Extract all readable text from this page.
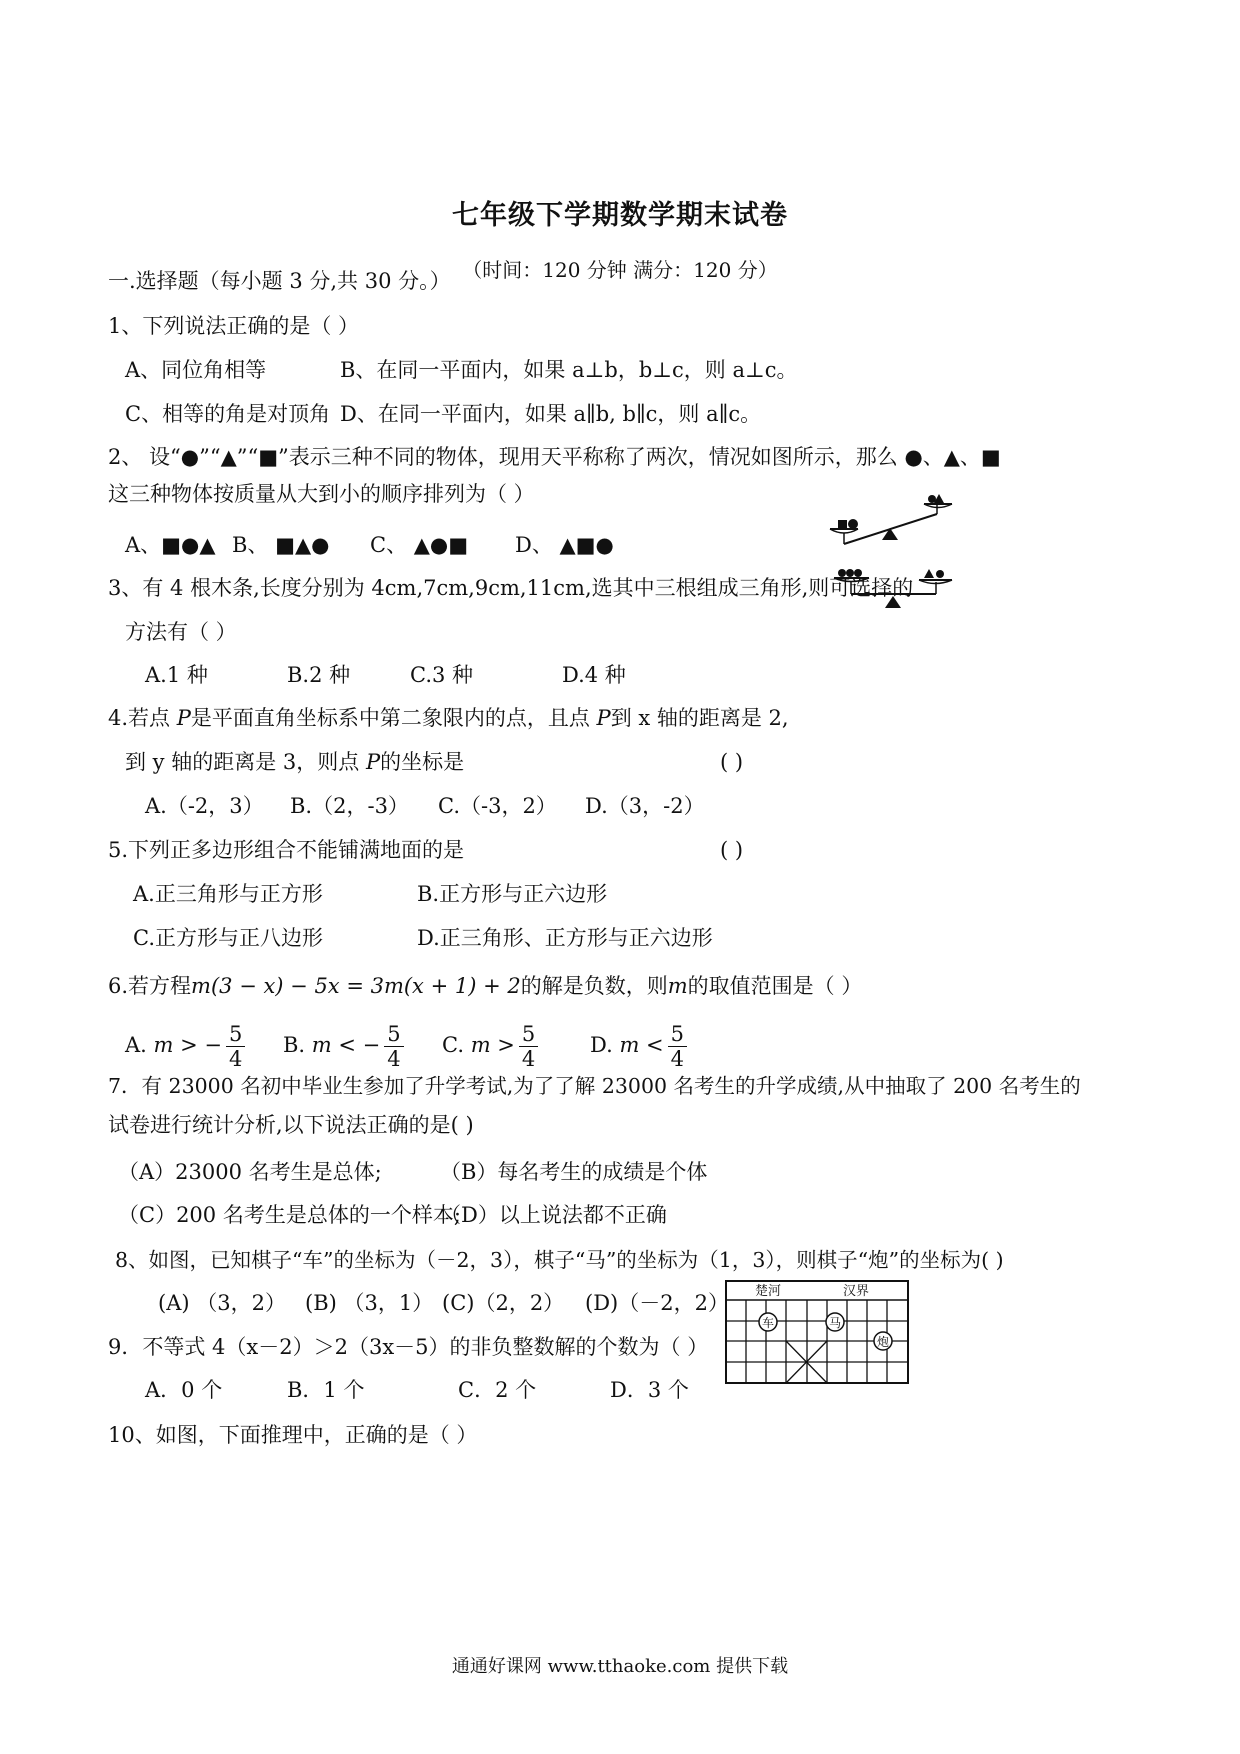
七年级下学期数学期末试卷
（时间：120 分钟 满分：120 分）
一.选择题（每小题 3 分,共 30 分。）
1、下列说法正确的是（ ）
A、同位角相等	B、在同一平面内，如果 a⊥b，b⊥c，则 a⊥c。
C、相等的角是对顶角 D、在同一平面内，如果 a∥b, b∥c，则 a∥c。
2、 设“●”“▲”“■”表示三种不同的物体，现用天平称称了两次，情况如图所示，那么 ●、▲、■
这三种物体按质量从大到小的顺序排列为（ ）
A、■●▲ B、 ■▲● C、 ▲●■ D、 ▲■●
3、有 4 根木条,长度分别为 4cm,7cm,9cm,11cm,选其中三根组成三角形,则可选择的
方法有（ ）
A.1 种	B.2 种	C.3 种	D.4 种
4.若点 P是平面直角坐标系中第二象限内的点，且点 P到 x 轴的距离是 2,
到 y 轴的距离是 3，则点 P的坐标是	( )
A.（-2，3） B.（2，-3） C.（-3，2） D.（3，-2）
5.下列正多边形组合不能铺满地面的是	( )
A.正三角形与正方形	B.正方形与正六边形
C.正方形与正八边形	D.正三角形、正方形与正六边形
6.若方程m(3 − x) − 5x = 3m(x + 1) + 2的解是负数，则m的取值范围是（ ）
A. m > − $\frac{5}{4} B$. m < − $\frac{5}{4} C$. $m > \frac{5}{4} D$. $m < \frac{5}{4}$
7．有 23000 名初中毕业生参加了升学考试,为了了解 23000 名考生的升学成绩,从中抽取了 200 名考生的
试卷进行统计分析,以下说法正确的是( )
（A）23000 名考生是总体;	（B）每名考生的成绩是个体
（C）200 名考生是总体的一个样本;
（D）以上说法都不正确
8、如图，已知棋子“车”的坐标为（－2，3），棋子“马”的坐标为（1，3），则棋子“炮”的坐标为( )
(A) （3，2） (B) （3，1） (C)（2，2） (D)（－2，2） 楚河	汉界
车	马
炮
9．不等式 4（x－2）＞2（3x－5）的非负整数解的个数为（ ）
A．0 个	B．1 个	C．2 个	D．3 个
10、如图，下面推理中，正确的是（ ）
通通好课网 www.tthaoke.com 提供下载
